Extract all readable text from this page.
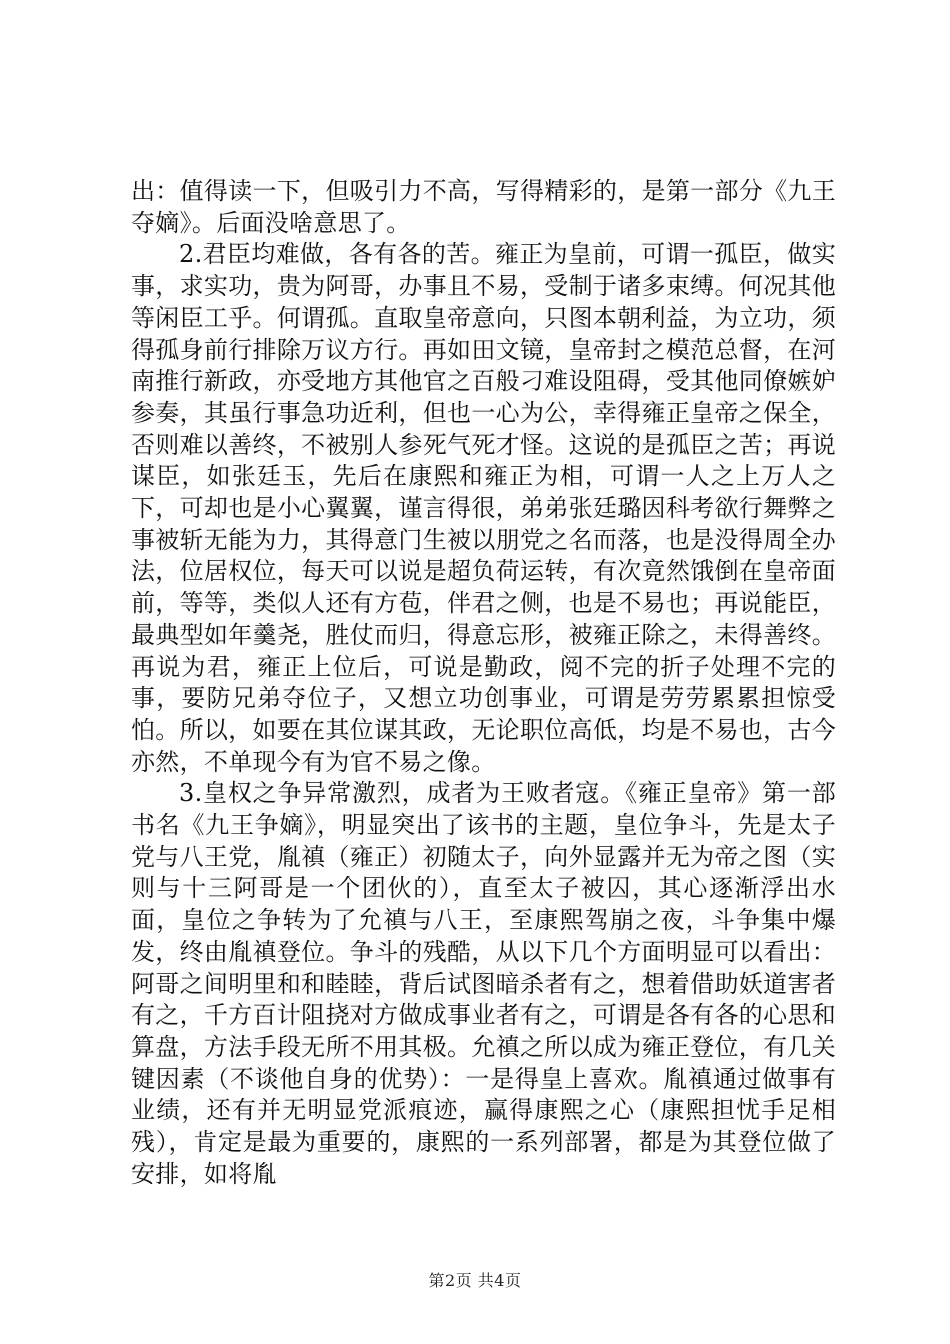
出：值得读一下，但吸引力不高，写得精彩的，是第一部分《九王夺嫡》。后面没啥意思了。

2.君臣均难做，各有各的苦。雍正为皇前，可谓一孤臣，做实事，求实功，贵为阿哥，办事且不易，受制于诸多束缚。何况其他等闲臣工乎。何谓孤。直取皇帝意向，只图本朝利益，为立功，须得孤身前行排除万议方行。再如田文镜，皇帝封之模范总督，在河南推行新政，亦受地方其他官之百般刁难设阻碍，受其他同僚嫉妒参奏，其虽行事急功近利，但也一心为公，幸得雍正皇帝之保全，否则难以善终，不被别人参死气死才怪。这说的是孤臣之苦；再说谋臣，如张廷玉，先后在康熙和雍正为相，可谓一人之上万人之下，可却也是小心翼翼，谨言得很，弟弟张廷璐因科考欲行舞弊之事被斩无能为力，其得意门生被以朋党之名而落，也是没得周全办法，位居权位，每天可以说是超负荷运转，有次竟然饿倒在皇帝面前，等等，类似人还有方苞，伴君之侧，也是不易也；再说能臣，最典型如年羹尧，胜仗而归，得意忘形，被雍正除之，未得善终。再说为君，雍正上位后，可说是勤政，阅不完的折子处理不完的事，要防兄弟夺位子，又想立功创事业，可谓是劳劳累累担惊受怕。所以，如要在其位谋其政，无论职位高低，均是不易也，古今亦然，不单现今有为官不易之像。

3.皇权之争异常激烈，成者为王败者寇。《雍正皇帝》第一部书名《九王争嫡》，明显突出了该书的主题，皇位争斗，先是太子党与八王党，胤禛（雍正）初随太子，向外显露并无为帝之图（实则与十三阿哥是一个团伙的），直至太子被囚，其心逐渐浮出水面，皇位之争转为了允禛与八王，至康熙驾崩之夜，斗争集中爆发，终由胤禛登位。争斗的残酷，从以下几个方面明显可以看出：阿哥之间明里和和睦睦，背后试图暗杀者有之，想着借助妖道害者有之，千方百计阻挠对方做成事业者有之，可谓是各有各的心思和算盘，方法手段无所不用其极。允禛之所以成为雍正登位，有几关键因素（不谈他自身的优势）：一是得皇上喜欢。胤禛通过做事有业绩，还有并无明显党派痕迹，赢得康熙之心（康熙担忧手足相残），肯定是最为重要的，康熙的一系列部署，都是为其登位做了安排，如将胤

第2页 共4页
